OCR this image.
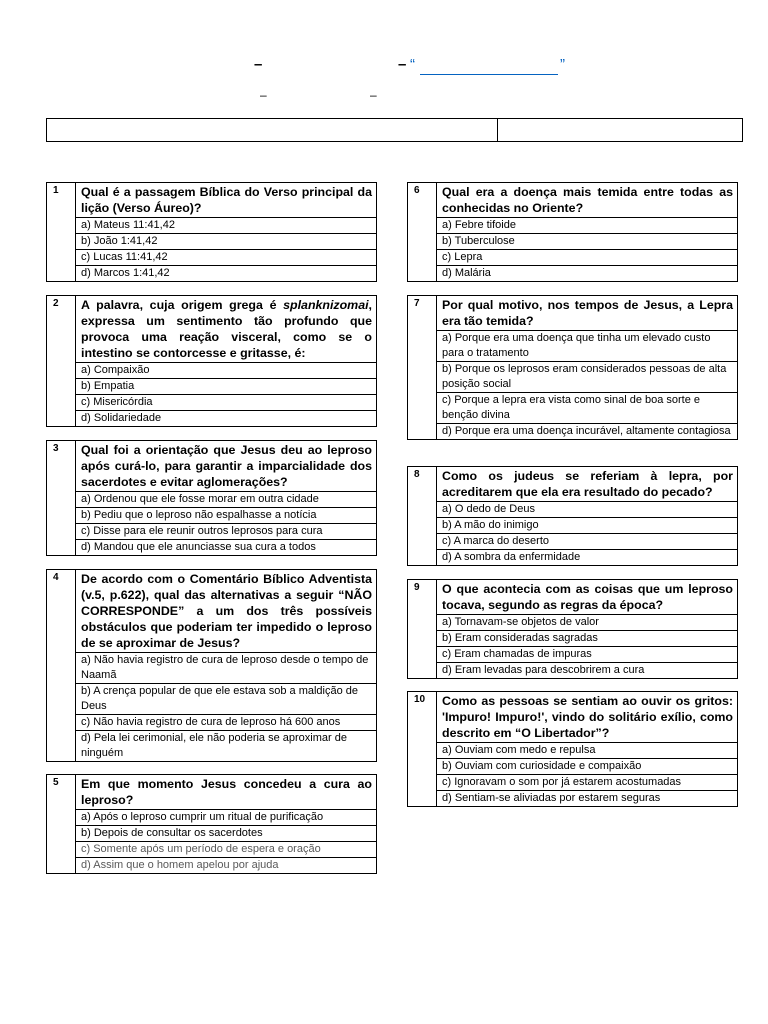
–	– “	”
–	–
1	Qual é a passagem Bíblica do Verso principal da lição (Verso Áureo)?
a) Mateus 11:41,42
b) João 1:41,42
c) Lucas 11:41,42
d) Marcos 1:41,42
2	A palavra, cuja origem grega é splanknizomai, expressa um sentimento tão profundo que provoca uma reação visceral, como se o intestino se contorcesse e gritasse, é:
a) Compaixão
b) Empatia
c) Misericórdia
d) Solidariedade
3	Qual foi a orientação que Jesus deu ao leproso após curá-lo, para garantir a imparcialidade dos sacerdotes e evitar aglomerações?
a) Ordenou que ele fosse morar em outra cidade
b) Pediu que o leproso não espalhasse a notícia
c) Disse para ele reunir outros leprosos para cura
d) Mandou que ele anunciasse sua cura a todos
4	De acordo com o Comentário Bíblico Adventista (v.5, p.622), qual das alternativas a seguir “NÃO CORRESPONDE” a um dos três possíveis obstáculos que poderiam ter impedido o leproso de se aproximar de Jesus?
a) Não havia registro de cura de leproso desde o tempo de Naamã
b) A crença popular de que ele estava sob a maldição de Deus
c) Não havia registro de cura de leproso há 600 anos
d) Pela lei cerimonial, ele não poderia se aproximar de ninguém
5	Em que momento Jesus concedeu a cura ao leproso?
a) Após o leproso cumprir um ritual de purificação
b) Depois de consultar os sacerdotes
c) Somente após um período de espera e oração
d) Assim que o homem apelou por ajuda
6	Qual era a doença mais temida entre todas as conhecidas no Oriente?
a) Febre tifoide
b) Tuberculose
c) Lepra
d) Malária
7	Por qual motivo, nos tempos de Jesus, a Lepra era tão temida?
a) Porque era uma doença que tinha um elevado custo para o tratamento
b) Porque os leprosos eram considerados pessoas de alta posição social
c) Porque a lepra era vista como sinal de boa sorte e benção divina
d) Porque era uma doença incurável, altamente contagiosa
8	Como os judeus se referiam à lepra, por acreditarem que ela era resultado do pecado?
a) O dedo de Deus
b) A mão do inimigo
c) A marca do deserto
d) A sombra da enfermidade
9	O que acontecia com as coisas que um leproso tocava, segundo as regras da época?
a) Tornavam-se objetos de valor
b) Eram consideradas sagradas
c) Eram chamadas de impuras
d) Eram levadas para descobrirem a cura
10	Como as pessoas se sentiam ao ouvir os gritos: 'Impuro! Impuro!', vindo do solitário exílio, como descrito em “O Libertador”?
a) Ouviam com medo e repulsa
b) Ouviam com curiosidade e compaixão
c) Ignoravam o som por já estarem acostumadas
d) Sentiam-se aliviadas por estarem seguras
